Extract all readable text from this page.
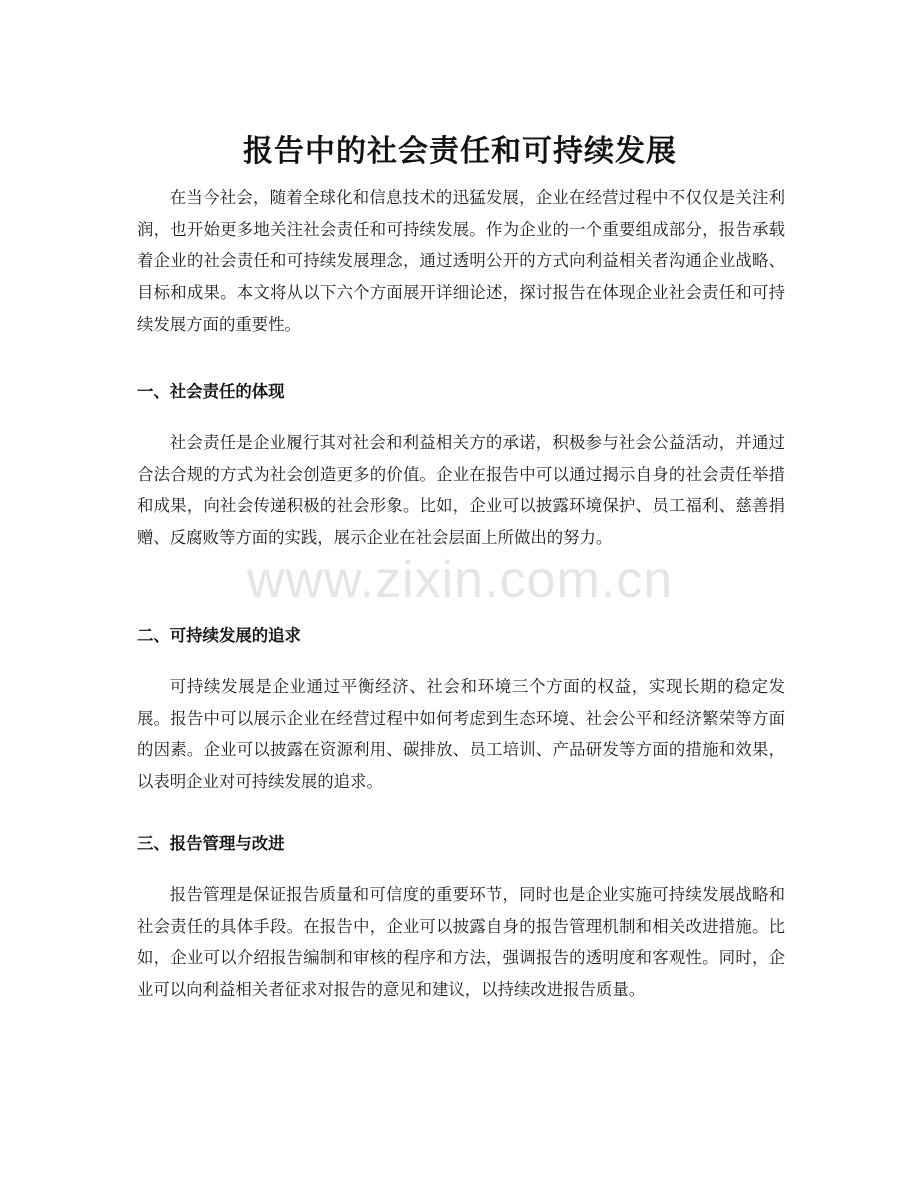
报告中的社会责任和可持续发展

在当今社会，随着全球化和信息技术的迅猛发展，企业在经营过程中不仅仅是关注利润，也开始更多地关注社会责任和可持续发展。作为企业的一个重要组成部分，报告承载着企业的社会责任和可持续发展理念，通过透明公开的方式向利益相关者沟通企业战略、目标和成果。本文将从以下六个方面展开详细论述，探讨报告在体现企业社会责任和可持续发展方面的重要性。

一、社会责任的体现

社会责任是企业履行其对社会和利益相关方的承诺，积极参与社会公益活动，并通过合法合规的方式为社会创造更多的价值。企业在报告中可以通过揭示自身的社会责任举措和成果，向社会传递积极的社会形象。比如，企业可以披露环境保护、员工福利、慈善捐赠、反腐败等方面的实践，展示企业在社会层面上所做出的努力。

二、可持续发展的追求

可持续发展是企业通过平衡经济、社会和环境三个方面的权益，实现长期的稳定发展。报告中可以展示企业在经营过程中如何考虑到生态环境、社会公平和经济繁荣等方面的因素。企业可以披露在资源利用、碳排放、员工培训、产品研发等方面的措施和效果，以表明企业对可持续发展的追求。

三、报告管理与改进

报告管理是保证报告质量和可信度的重要环节，同时也是企业实施可持续发展战略和社会责任的具体手段。在报告中，企业可以披露自身的报告管理机制和相关改进措施。比如，企业可以介绍报告编制和审核的程序和方法，强调报告的透明度和客观性。同时，企业可以向利益相关者征求对报告的意见和建议，以持续改进报告质量。

www.zixin.com.cn
